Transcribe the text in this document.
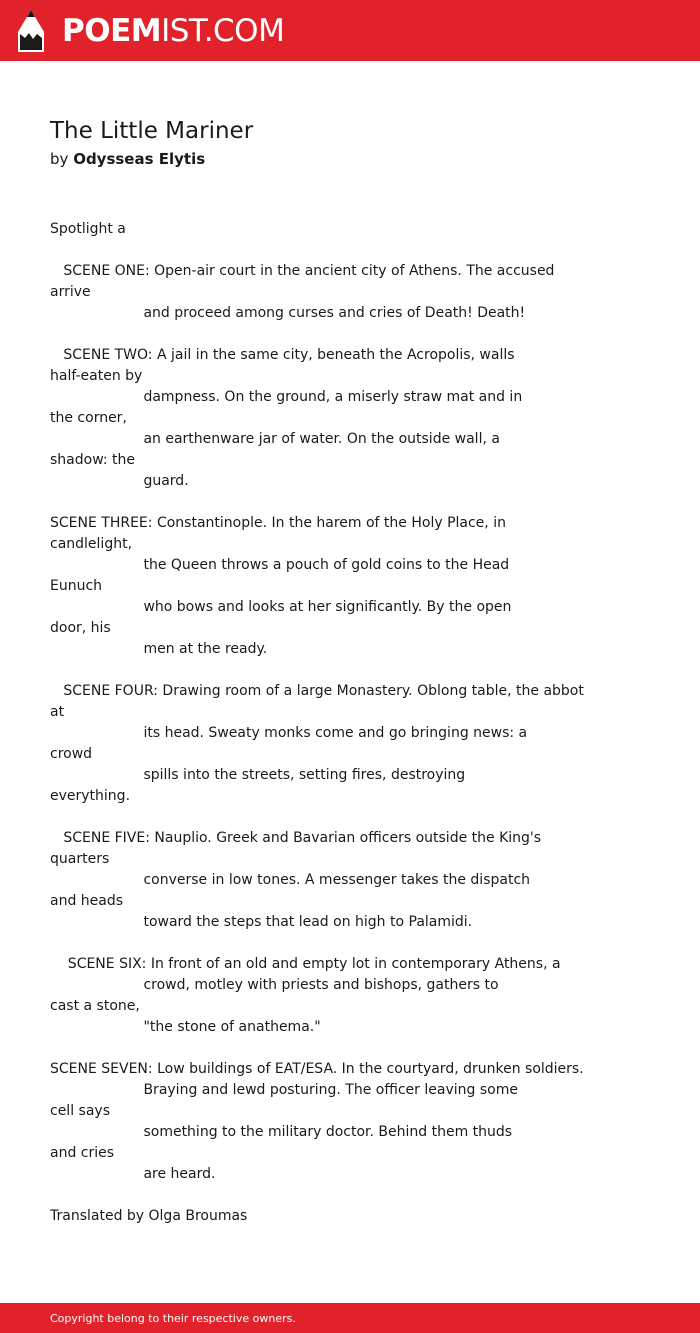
POEMIST.COM
The Little Mariner
by Odysseas Elytis
Spotlight a
SCENE ONE: Open-air court in the ancient city of Athens. The accused
arrive
and proceed among curses and cries of Death! Death!
SCENE TWO: A jail in the same city, beneath the Acropolis, walls
half-eaten by
dampness. On the ground, a miserly straw mat and in
the corner,
an earthenware jar of water. On the outside wall, a
shadow: the
guard.
SCENE THREE: Constantinople. In the harem of the Holy Place, in
candlelight,
the Queen throws a pouch of gold coins to the Head
Eunuch
who bows and looks at her significantly. By the open
door, his
men at the ready.
SCENE FOUR: Drawing room of a large Monastery. Oblong table, the abbot
at
its head. Sweaty monks come and go bringing news: a
crowd
spills into the streets, setting fires, destroying
everything.
SCENE FIVE: Nauplio. Greek and Bavarian officers outside the King's
quarters
converse in low tones. A messenger takes the dispatch
and heads
toward the steps that lead on high to Palamidi.
SCENE SIX: In front of an old and empty lot in contemporary Athens, a
crowd, motley with priests and bishops, gathers to
cast a stone,
"the stone of anathema."
SCENE SEVEN: Low buildings of EAT/ESA. In the courtyard, drunken soldiers.
Braying and lewd posturing. The officer leaving some
cell says
something to the military doctor. Behind them thuds
and cries
are heard.
Translated by Olga Broumas
Copyright belong to their respective owners.
